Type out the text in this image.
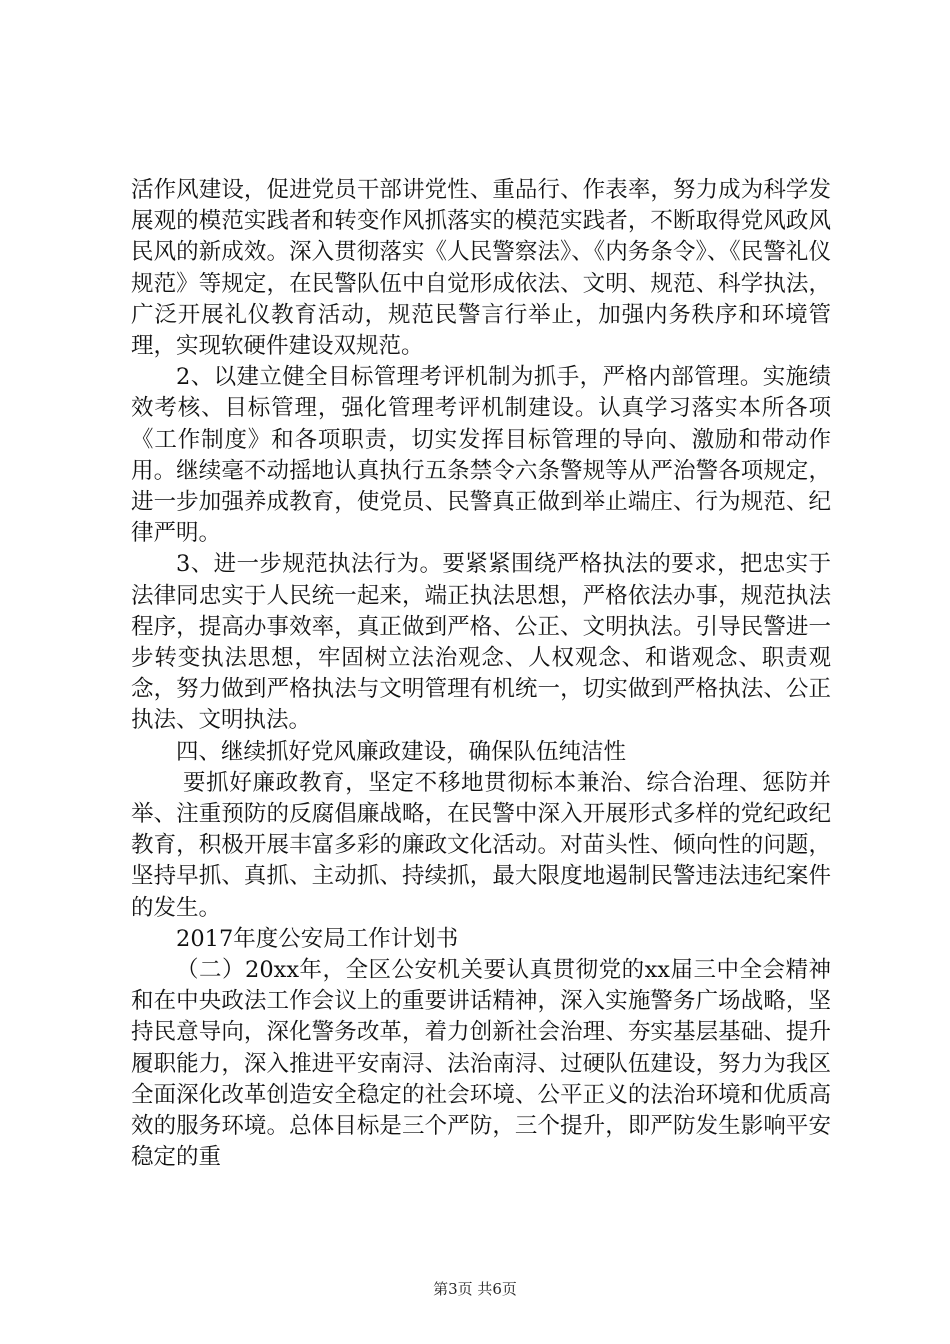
活作风建设，促进党员干部讲党性、重品行、作表率，努力成为科学发展观的模范实践者和转变作风抓落实的模范实践者，不断取得党风政风民风的新成效。深入贯彻落实《人民警察法》、《内务条令》、《民警礼仪规范》等规定，在民警队伍中自觉形成依法、文明、规范、科学执法，广泛开展礼仪教育活动，规范民警言行举止，加强内务秩序和环境管理，实现软硬件建设双规范。

2、以建立健全目标管理考评机制为抓手，严格内部管理。实施绩效考核、目标管理，强化管理考评机制建设。认真学习落实本所各项《工作制度》和各项职责，切实发挥目标管理的导向、激励和带动作用。继续毫不动摇地认真执行五条禁令六条警规等从严治警各项规定，进一步加强养成教育，使党员、民警真正做到举止端庄、行为规范、纪律严明。

3、进一步规范执法行为。要紧紧围绕严格执法的要求，把忠实于法律同忠实于人民统一起来，端正执法思想，严格依法办事，规范执法程序，提高办事效率，真正做到严格、公正、文明执法。引导民警进一步转变执法思想，牢固树立法治观念、人权观念、和谐观念、职责观念，努力做到严格执法与文明管理有机统一，切实做到严格执法、公正执法、文明执法。

四、继续抓好党风廉政建设，确保队伍纯洁性

要抓好廉政教育，坚定不移地贯彻标本兼治、综合治理、惩防并举、注重预防的反腐倡廉战略，在民警中深入开展形式多样的党纪政纪教育，积极开展丰富多彩的廉政文化活动。对苗头性、倾向性的问题，坚持早抓、真抓、主动抓、持续抓，最大限度地遏制民警违法违纪案件的发生。

2017年度公安局工作计划书

（二）20xx年，全区公安机关要认真贯彻党的xx届三中全会精神和在中央政法工作会议上的重要讲话精神，深入实施警务广场战略，坚持民意导向，深化警务改革，着力创新社会治理、夯实基层基础、提升履职能力，深入推进平安南浔、法治南浔、过硬队伍建设，努力为我区全面深化改革创造安全稳定的社会环境、公平正义的法治环境和优质高效的服务环境。总体目标是三个严防，三个提升，即严防发生影响平安稳定的重

第3页 共6页
